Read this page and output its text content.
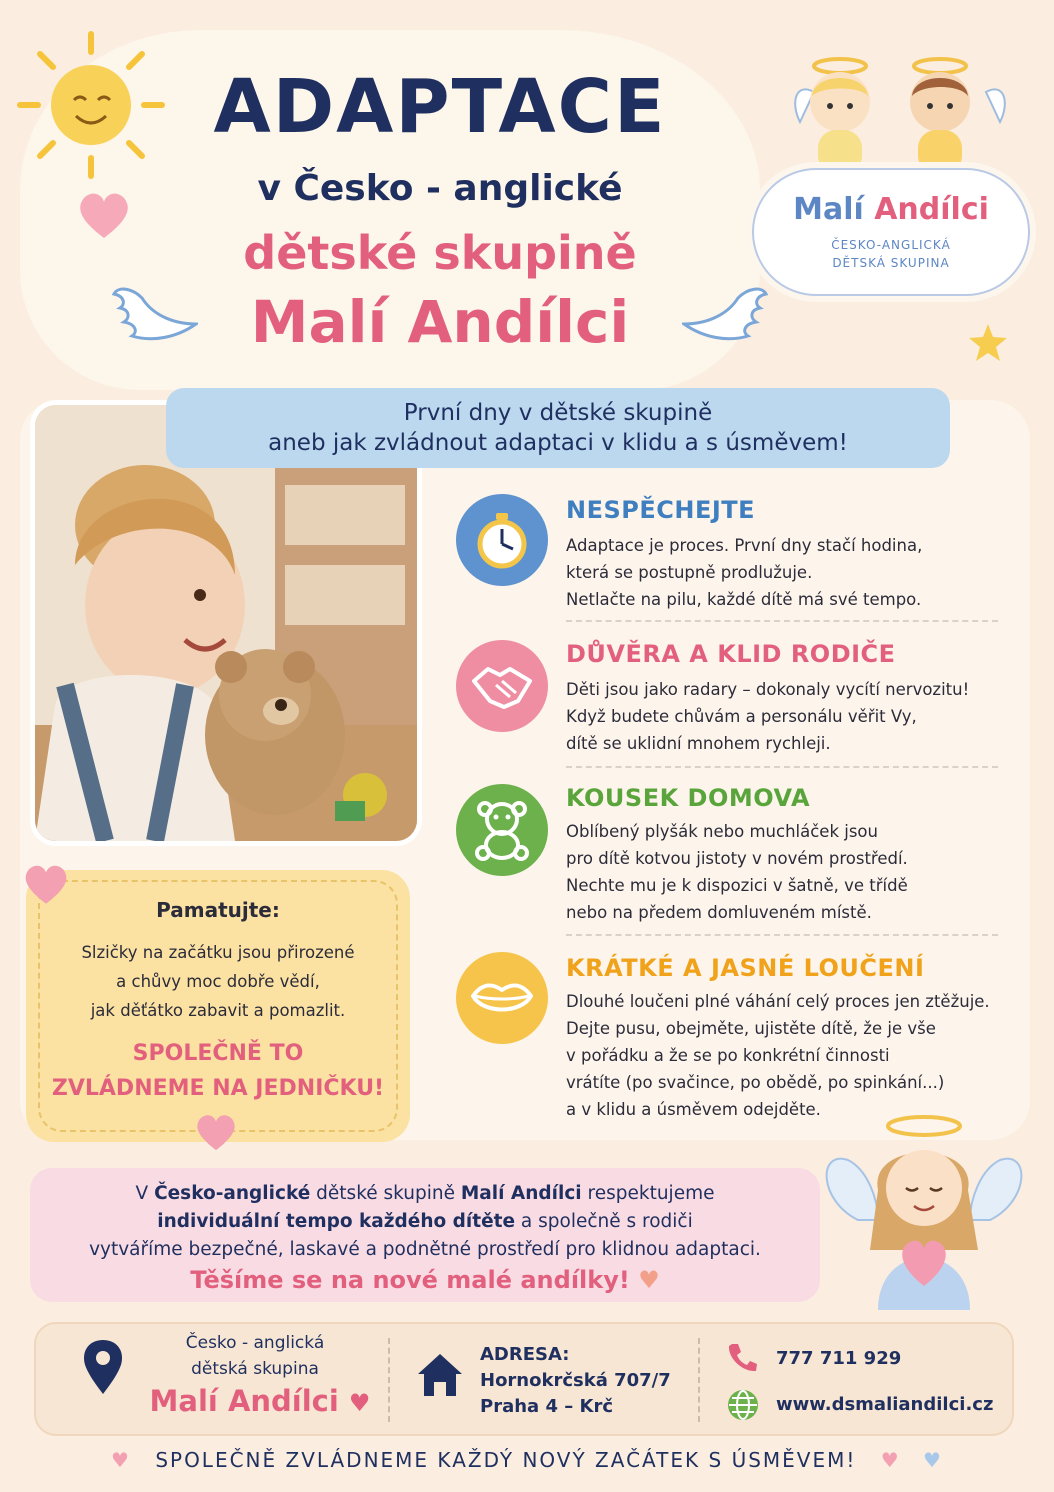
ADAPTACE
v Česko - anglické
dětské skupině
Malí Andílci
Malí Andílci
ČESKO-ANGLICKÁ
DĚTSKÁ SKUPINA
První dny v dětské skupině
aneb jak zvládnout adaptaci v klidu a s úsměvem!
NESPĚCHEJTE
Adaptace je proces. První dny stačí hodina,
která se postupně prodlužuje.
Netlačte na pilu, každé dítě má své tempo.
DŮVĚRA A KLID RODIČE
Děti jsou jako radary – dokonaly vycítí nervozitu!
Když budete chůvám a personálu věřit Vy,
dítě se uklidní mnohem rychleji.
KOUSEK DOMOVA
Oblíbený plyšák nebo muchláček jsou
pro dítě kotvou jistoty v novém prostředí.
Nechte mu je k dispozici v šatně, ve třídě
nebo na předem domluveném místě.
KRÁTKÉ A JASNÉ LOUČENÍ
Dlouhé loučeni plné váhání celý proces jen ztěžuje.
Dejte pusu, obejměte, ujistěte dítě, že je vše
v pořádku a že se po konkrétní činnosti
vrátíte (po svačince, po obědě, po spinkání...)
a v klidu a úsměvem odejděte.
Pamatujte:
Slzičky na začátku jsou přirozené
a chůvy moc dobře vědí,
jak děťátko zabavit a pomazlit.
SPOLEČNĚ TO
ZVLÁDNEME NA JEDNIČKU!
V Česko-anglické dětské skupině Malí Andílci respektujeme
individuální tempo každého dítěte a společně s rodiči
vytváříme bezpečné, laskavé a podnětné prostředí pro klidnou adaptaci.
Těšíme se na nové malé andílky! ♥
Česko - anglická
dětská skupina
Malí Andílci ♥
ADRESA:
Hornokrčská 707/7
Praha 4 – Krč
777 711 929
www.dsmaliandilci.cz
♥ SPOLEČNĚ ZVLÁDNEME KAŽDÝ NOVÝ ZAČÁTEK S ÚSMĚVEM! ♥ ♥
